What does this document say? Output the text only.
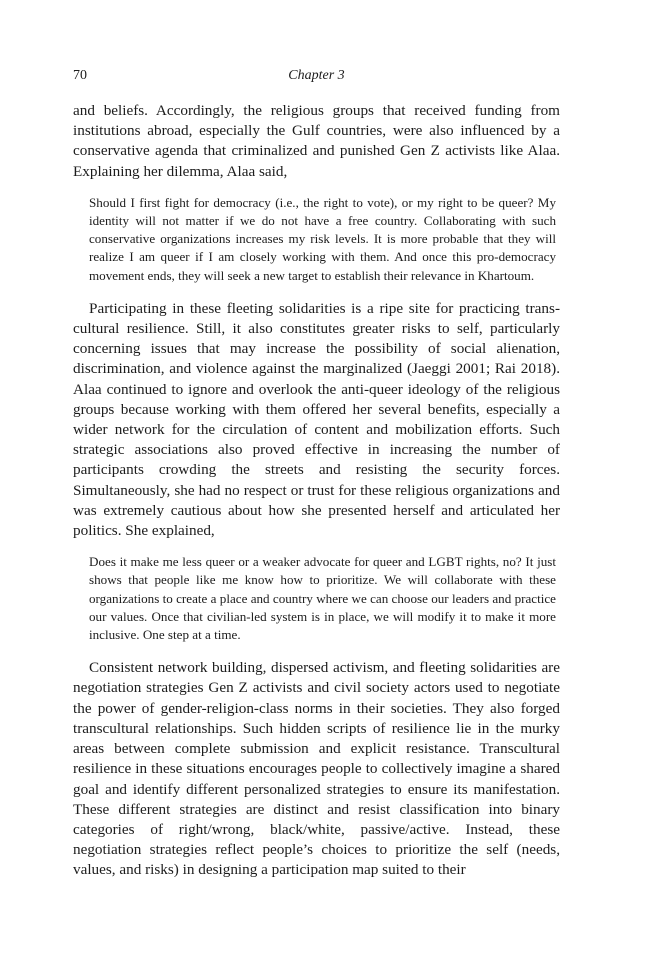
70	Chapter 3

and beliefs. Accordingly, the religious groups that received funding from institutions abroad, especially the Gulf countries, were also influenced by a conservative agenda that criminalized and punished Gen Z activists like Alaa. Explaining her dilemma, Alaa said,

Should I first fight for democracy (i.e., the right to vote), or my right to be queer? My identity will not matter if we do not have a free country. Collaborating with such conservative organizations increases my risk levels. It is more probable that they will realize I am queer if I am closely working with them. And once this pro-democracy movement ends, they will seek a new target to establish their relevance in Khartoum.

Participating in these fleeting solidarities is a ripe site for practicing transcultural resilience. Still, it also constitutes greater risks to self, particularly concerning issues that may increase the possibility of social alienation, discrimination, and violence against the marginalized (Jaeggi 2001; Rai 2018). Alaa continued to ignore and overlook the anti-queer ideology of the religious groups because working with them offered her several benefits, especially a wider network for the circulation of content and mobilization efforts. Such strategic associations also proved effective in increasing the number of participants crowding the streets and resisting the security forces. Simultaneously, she had no respect or trust for these religious organizations and was extremely cautious about how she presented herself and articulated her politics. She explained,

Does it make me less queer or a weaker advocate for queer and LGBT rights, no? It just shows that people like me know how to prioritize. We will collaborate with these organizations to create a place and country where we can choose our leaders and practice our values. Once that civilian-led system is in place, we will modify it to make it more inclusive. One step at a time.

Consistent network building, dispersed activism, and fleeting solidarities are negotiation strategies Gen Z activists and civil society actors used to negotiate the power of gender-religion-class norms in their societies. They also forged transcultural relationships. Such hidden scripts of resilience lie in the murky areas between complete submission and explicit resistance. Transcultural resilience in these situations encourages people to collectively imagine a shared goal and identify different personalized strategies to ensure its manifestation. These different strategies are distinct and resist classification into binary categories of right/wrong, black/white, passive/active. Instead, these negotiation strategies reflect people’s choices to prioritize the self (needs, values, and risks) in designing a participation map suited to their
